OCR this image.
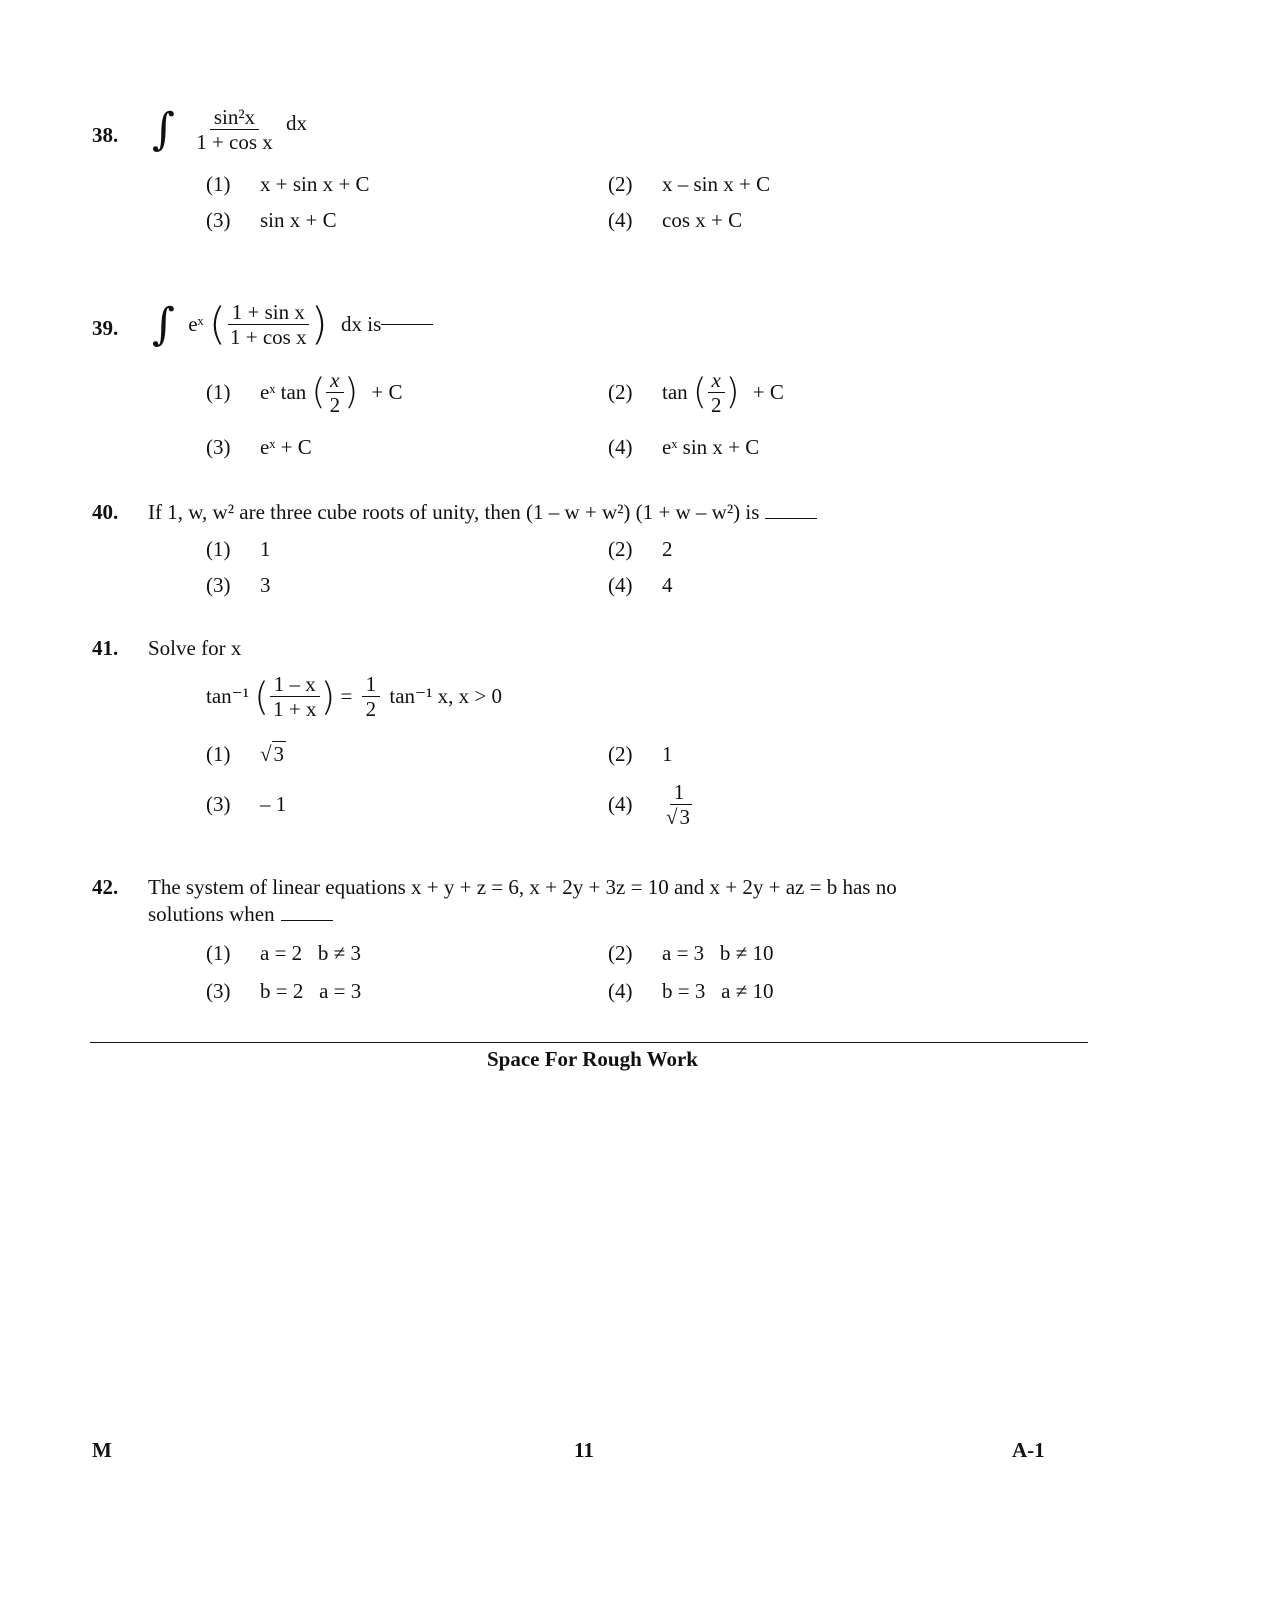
38. ∫ $\frac{\text{sin²x}}{\text{1 + cos x}}$ dx
(1) x + sin x + C	(2) x – sin x + C
(3) sin x + C	(4) cos x + C
39. ∫ eˣ ( $\frac{\text{1 + sin x}}{\text{1 + cos x}}$ ) dx is
(1) eˣ tan ( $\frac{x}{2}$ ) + C	(2) tan ( $\frac{x}{2}$ ) + C
(3) eˣ + C	(4) eˣ sin x + C
40. If 1, w, w² are three cube roots of unity, then (1 – w + w²) (1 + w – w²) is
(1) 1	(2) 2
(3) 3	(4) 4
41. Solve for x
tan⁻¹ ( $\frac{1 - x}{1 + x}$ ) = $\frac{1}{2} \tan^{-1}$ x, x > 0
(1) √3	(2) 1
(3) – 1	$(4) \frac{1}{√3}$
42. The system of linear equations x + y + z = 6, x + 2y + 3z = 10 and x + 2y + az = b has no
solutions when
(1) a = 2   b ≠ 3	(2) a = 3   b ≠ 10
(3) b = 2   a = 3	(4) b = 3   a ≠ 10
Space For Rough Work
M	11	A-1
